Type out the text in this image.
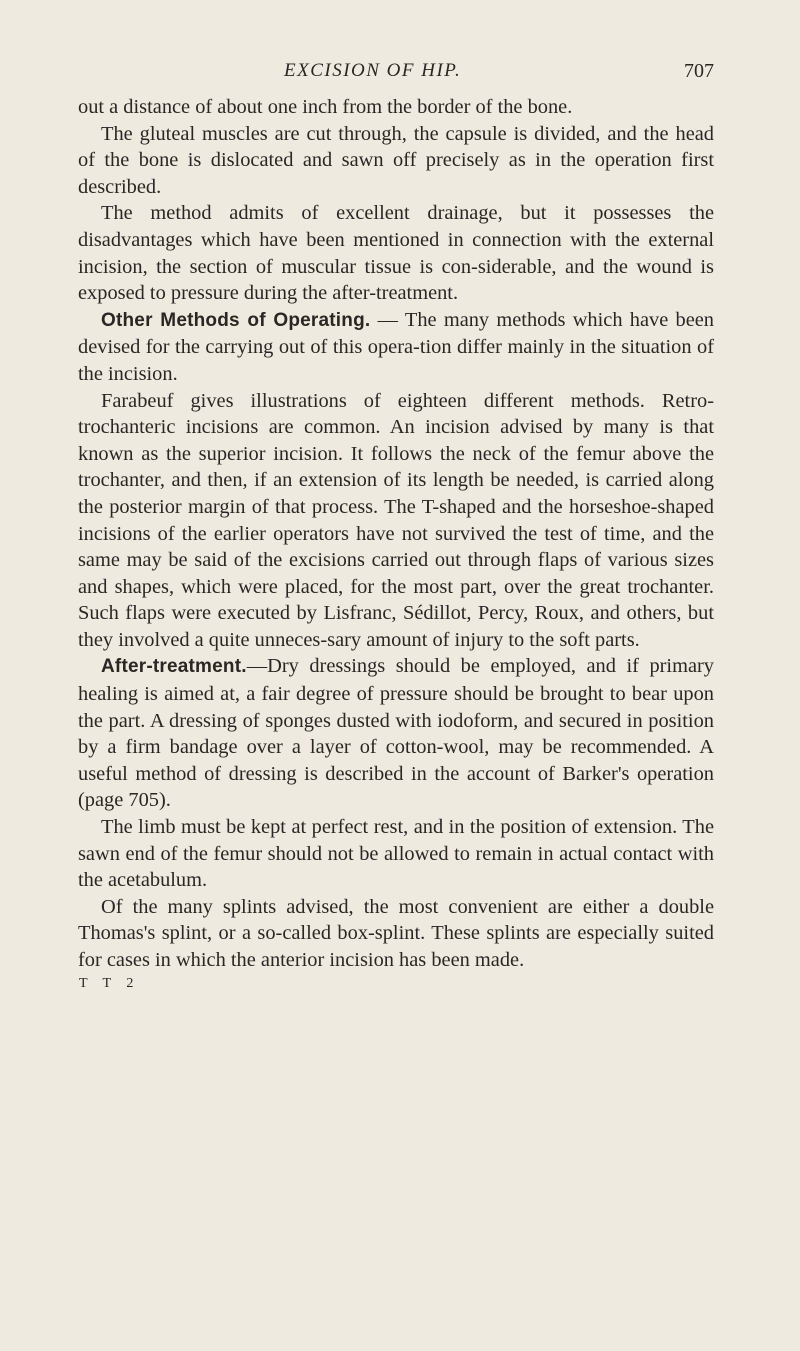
EXCISION OF HIP.	707

out a distance of about one inch from the border of the bone.

The gluteal muscles are cut through, the capsule is divided, and the head of the bone is dislocated and sawn off precisely as in the operation first described.

The method admits of excellent drainage, but it possesses the disadvantages which have been mentioned in connection with the external incision, the section of muscular tissue is con-siderable, and the wound is exposed to pressure during the after-treatment.

Other Methods of Operating. — The many methods which have been devised for the carrying out of this opera-tion differ mainly in the situation of the incision.

Farabeuf gives illustrations of eighteen different methods. Retro-trochanteric incisions are common. An incision advised by many is that known as the superior incision. It follows the neck of the femur above the trochanter, and then, if an extension of its length be needed, is carried along the posterior margin of that process. The T-shaped and the horseshoe-shaped incisions of the earlier operators have not survived the test of time, and the same may be said of the excisions carried out through flaps of various sizes and shapes, which were placed, for the most part, over the great trochanter. Such flaps were executed by Lisfranc, Sédillot, Percy, Roux, and others, but they involved a quite unneces-sary amount of injury to the soft parts.

After-treatment.—Dry dressings should be employed, and if primary healing is aimed at, a fair degree of pressure should be brought to bear upon the part. A dressing of sponges dusted with iodoform, and secured in position by a firm bandage over a layer of cotton-wool, may be recommended. A useful method of dressing is described in the account of Barker's operation (page 705).

The limb must be kept at perfect rest, and in the position of extension. The sawn end of the femur should not be allowed to remain in actual contact with the acetabulum.

Of the many splints advised, the most convenient are either a double Thomas's splint, or a so-called box-splint. These splints are especially suited for cases in which the anterior incision has been made.

T T 2
